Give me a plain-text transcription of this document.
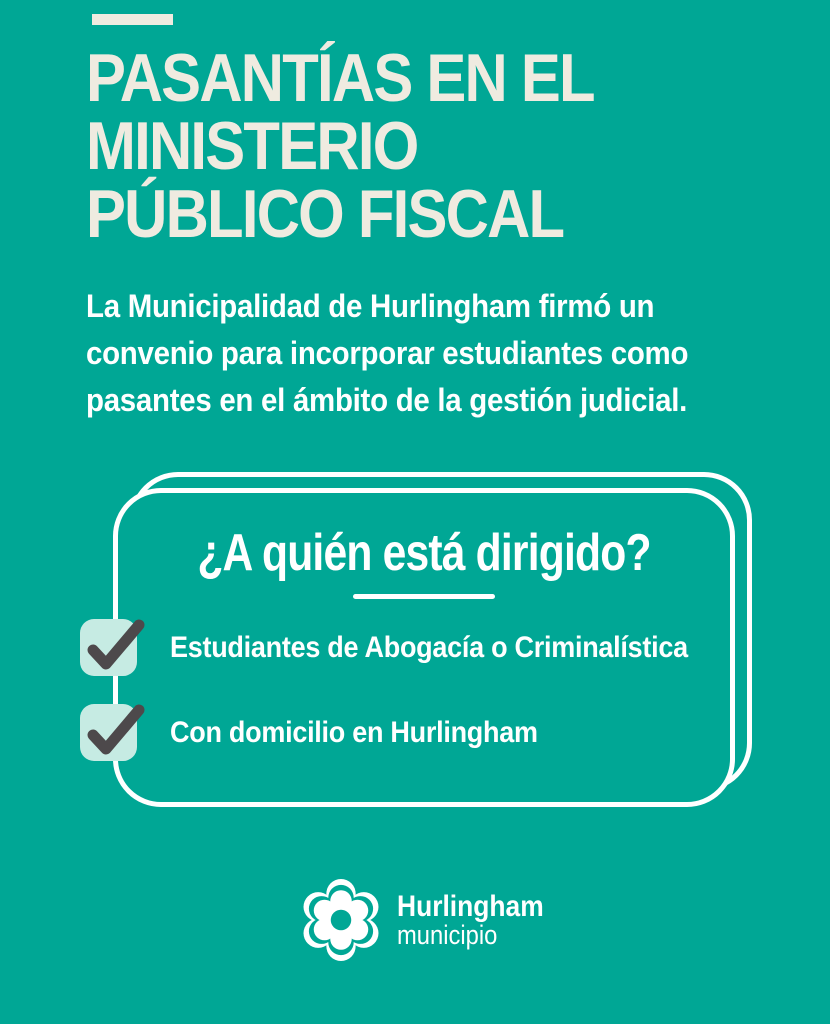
PASANTÍAS EN EL
MINISTERIO
PÚBLICO FISCAL
La Municipalidad de Hurlingham firmó un
convenio para incorporar estudiantes como
pasantes en el ámbito de la gestión judicial.
¿A quién está dirigido?
Estudiantes de Abogacía o Criminalística
Con domicilio en Hurlingham
Hurlingham
municipio
